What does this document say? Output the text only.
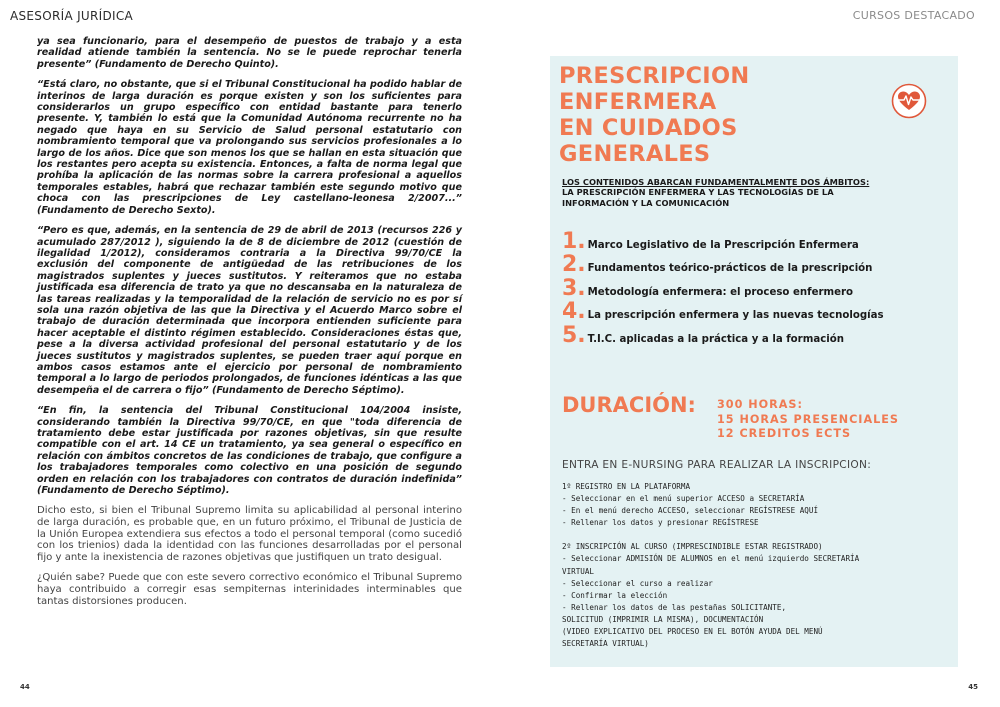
ASESORÍA JURÍDICA

ya sea funcionario, para el desempeño de puestos de trabajo y a esta realidad atiende también la sentencia. No se le puede reprochar tenerla presente” (Fundamento de Derecho Quinto).

“Está claro, no obstante, que si el Tribunal Constitucional ha podido hablar de interinos de larga duración es porque existen y son los suficientes para considerarlos un grupo específico con entidad bastante para tenerlo presente. Y, también lo está que la Comunidad Autónoma recurrente no ha negado que haya en su Servicio de Salud personal estatutario con nombramiento temporal que va prolongando sus servicios profesionales a lo largo de los años. Dice que son menos los que se hallan en esta situación que los restantes pero acepta su existencia. Entonces, a falta de norma legal que prohíba la aplicación de las normas sobre la carrera profesional a aquellos temporales estables, habrá que rechazar también este segundo motivo que choca con las prescripciones de Ley castellano-leonesa 2/2007...” (Fundamento de Derecho Sexto).

“Pero es que, además, en la sentencia de 29 de abril de 2013 (recursos 226 y acumulado 287/2012 ), siguiendo la de 8 de diciembre de 2012 (cuestión de ilegalidad 1/2012), consideramos contraria a la Directiva 99/70/CE la exclusión del componente de antigüedad de las retribuciones de los magistrados suplentes y jueces sustitutos. Y reiteramos que no estaba justificada esa diferencia de trato ya que no descansaba en la naturaleza de las tareas realizadas y la temporalidad de la relación de servicio no es por sí sola una razón objetiva de las que la Directiva y el Acuerdo Marco sobre el trabajo de duración determinada que incorpora entienden suficiente para hacer aceptable el distinto régimen establecido. Consideraciones éstas que, pese a la diversa actividad profesional del personal estatutario y de los jueces sustitutos y magistrados suplentes, se pueden traer aquí porque en ambos casos estamos ante el ejercicio por personal de nombramiento temporal a lo largo de periodos prolongados, de funciones idénticas a las que desempeña el de carrera o fijo” (Fundamento de Derecho Séptimo).

“En fin, la sentencia del Tribunal Constitucional 104/2004 insiste, considerando también la Directiva 99/70/CE, en que "toda diferencia de tratamiento debe estar justificada por razones objetivas, sin que resulte compatible con el art. 14 CE un tratamiento, ya sea general o específico en relación con ámbitos concretos de las condiciones de trabajo, que configure a los trabajadores temporales como colectivo en una posición de segundo orden en relación con los trabajadores con contratos de duración indefinida” (Fundamento de Derecho Séptimo).

Dicho esto, si bien el Tribunal Supremo limita su aplicabilidad al personal interino de larga duración, es probable que, en un futuro próximo, el Tribunal de Justicia de la Unión Europea extendiera sus efectos a todo el personal temporal (como sucedió con los trienios) dada la identidad con las funciones desarrolladas por el personal fijo y ante la inexistencia de razones objetivas que justifiquen un trato desigual.

¿Quién sabe? Puede que con este severo correctivo económico el Tribunal Supremo haya contribuido a corregir esas sempiternas interinidades interminables que tantas distorsiones producen.

44
CURSOS DESTACADO
PRESCRIPCION
ENFERMERA
EN CUIDADOS
GENERALES
LOS CONTENIDOS ABARCAN FUNDAMENTALMENTE DOS ÁMBITOS:
LA PRESCRIPCIÓN ENFERMERA Y LAS TECNOLOGÍAS DE LA
INFORMACIÓN Y LA COMUNICACIÓN
1. Marco Legislativo de la Prescripción Enfermera
2. Fundamentos teórico-prácticos de la prescripción
3. Metodología enfermera: el proceso enfermero
4. La prescripción enfermera y las nuevas tecnologías
5. T.I.C. aplicadas a la práctica y a la formación
DURACIÓN: 300 HORAS:
15 HORAS PRESENCIALES
12 CREDITOS ECTS
ENTRA EN E-NURSING PARA REALIZAR LA INSCRIPCION:
1º REGISTRO EN LA PLATAFORMA
- Seleccionar en el menú superior ACCESO a SECRETARÍA
- En el menú derecho ACCESO, seleccionar REGÍSTRESE AQUÍ
- Rellenar los datos y presionar REGÍSTRESE
2º INSCRIPCIÓN AL CURSO (IMPRESCINDIBLE ESTAR REGISTRADO)
- Seleccionar ADMISIÓN DE ALUMNOS en el menú izquierdo SECRETARÍA
VIRTUAL
- Seleccionar el curso a realizar
- Confirmar la elección
- Rellenar los datos de las pestañas SOLICITANTE,
SOLICITUD (IMPRIMIR LA MISMA), DOCUMENTACIÓN
(VIDEO EXPLICATIVO DEL PROCESO EN EL BOTÓN AYUDA DEL MENÚ
SECRETARÍA VIRTUAL)
45
